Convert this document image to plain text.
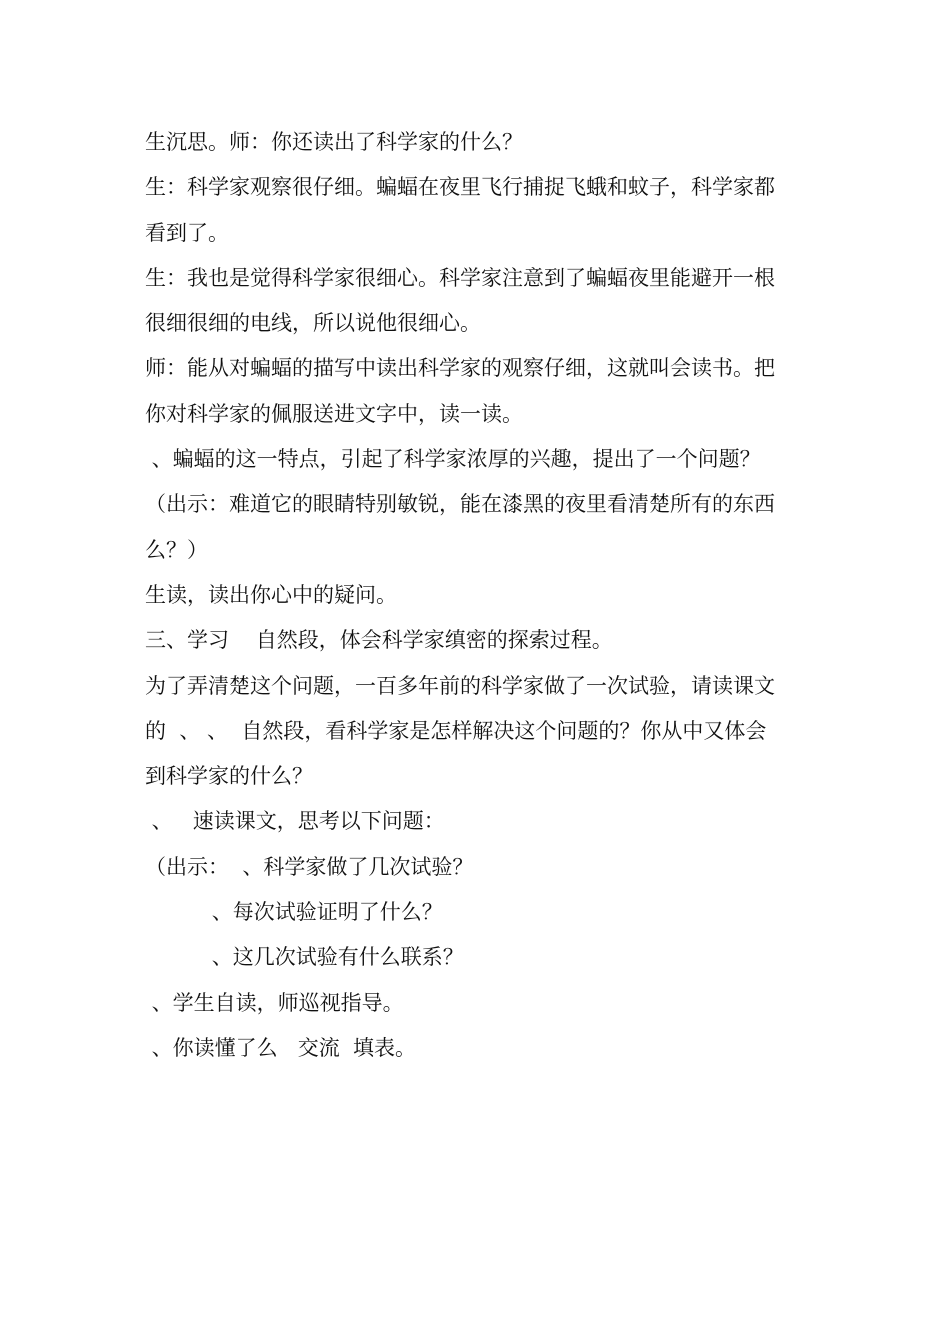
生沉思。师：你还读出了科学家的什么？
生：科学家观察很仔细。蝙蝠在夜里飞行捕捉飞蛾和蚊子，科学家都
看到了。
生：我也是觉得科学家很细心。科学家注意到了蝙蝠夜里能避开一根
很细很细的电线，所以说他很细心。
师：能从对蝙蝠的描写中读出科学家的观察仔细，这就叫会读书。把
你对科学家的佩服送进文字中，读一读。
、蝙蝠的这一特点，引起了科学家浓厚的兴趣，提出了一个问题？
（出示：难道它的眼睛特别敏锐，能在漆黑的夜里看清楚所有的东西
么？）
生读，读出你心中的疑问。
三、学习    自然段，体会科学家缜密的探索过程。
为了弄清楚这个问题，一百多年前的科学家做了一次试验，请读课文
的  、 、  自然段，看科学家是怎样解决这个问题的？你从中又体会
到科学家的什么？
、   速读课文，思考以下问题：
（出示：  、科学家做了几次试验？
、每次试验证明了什么？
、这几次试验有什么联系？
、学生自读，师巡视指导。
、你读懂了么   交流  填表。
